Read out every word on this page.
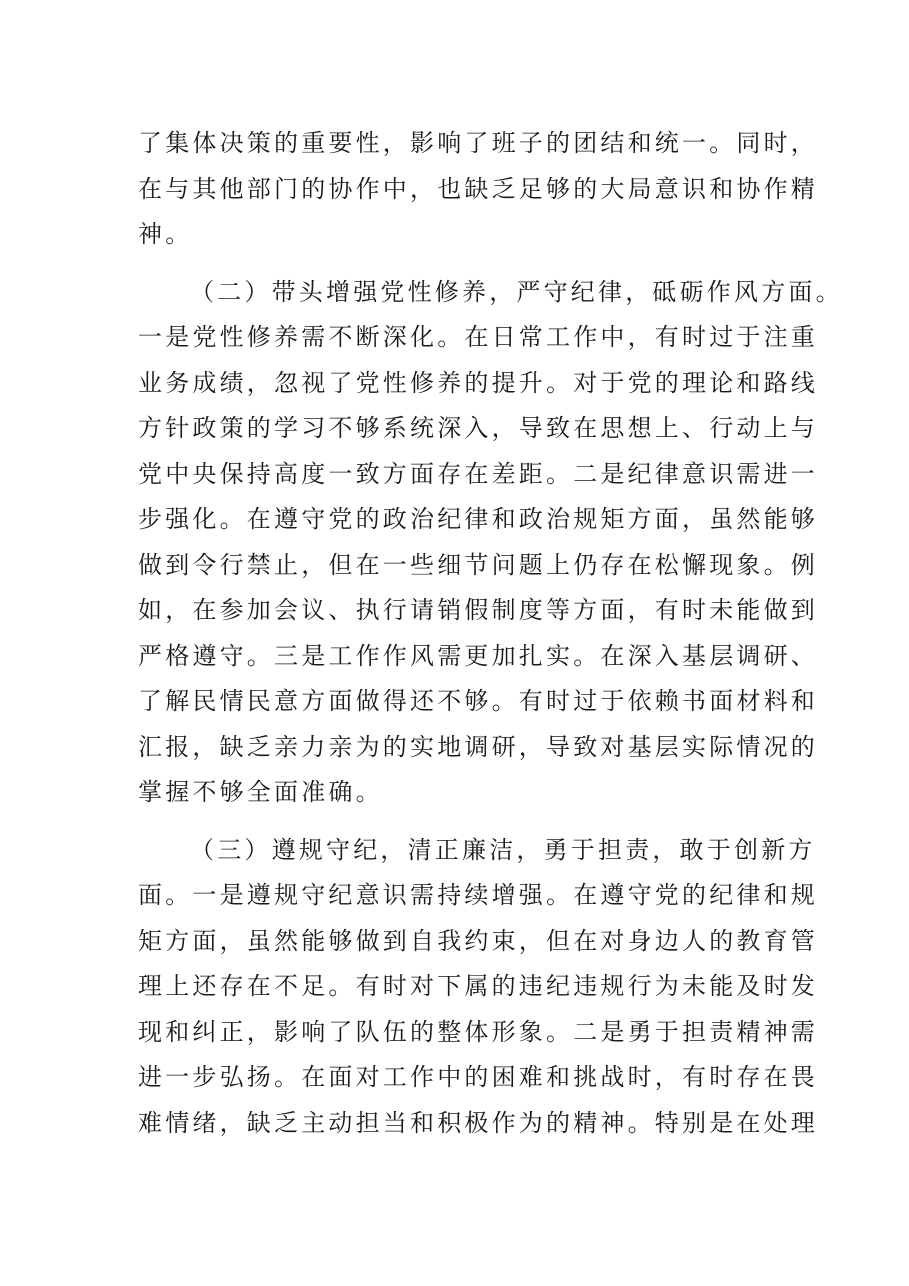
了集体决策的重要性，影响了班子的团结和统一。同时，
在与其他部门的协作中，也缺乏足够的大局意识和协作精
神。
（二）带头增强党性修养，严守纪律，砥砺作风方面。
一是党性修养需不断深化。在日常工作中，有时过于注重
业务成绩，忽视了党性修养的提升。对于党的理论和路线
方针政策的学习不够系统深入，导致在思想上、行动上与
党中央保持高度一致方面存在差距。二是纪律意识需进一
步强化。在遵守党的政治纪律和政治规矩方面，虽然能够
做到令行禁止，但在一些细节问题上仍存在松懈现象。例
如，在参加会议、执行请销假制度等方面，有时未能做到
严格遵守。三是工作作风需更加扎实。在深入基层调研、
了解民情民意方面做得还不够。有时过于依赖书面材料和
汇报，缺乏亲力亲为的实地调研，导致对基层实际情况的
掌握不够全面准确。
（三）遵规守纪，清正廉洁，勇于担责，敢于创新方
面。一是遵规守纪意识需持续增强。在遵守党的纪律和规
矩方面，虽然能够做到自我约束，但在对身边人的教育管
理上还存在不足。有时对下属的违纪违规行为未能及时发
现和纠正，影响了队伍的整体形象。二是勇于担责精神需
进一步弘扬。在面对工作中的困难和挑战时，有时存在畏
难情绪，缺乏主动担当和积极作为的精神。特别是在处理
